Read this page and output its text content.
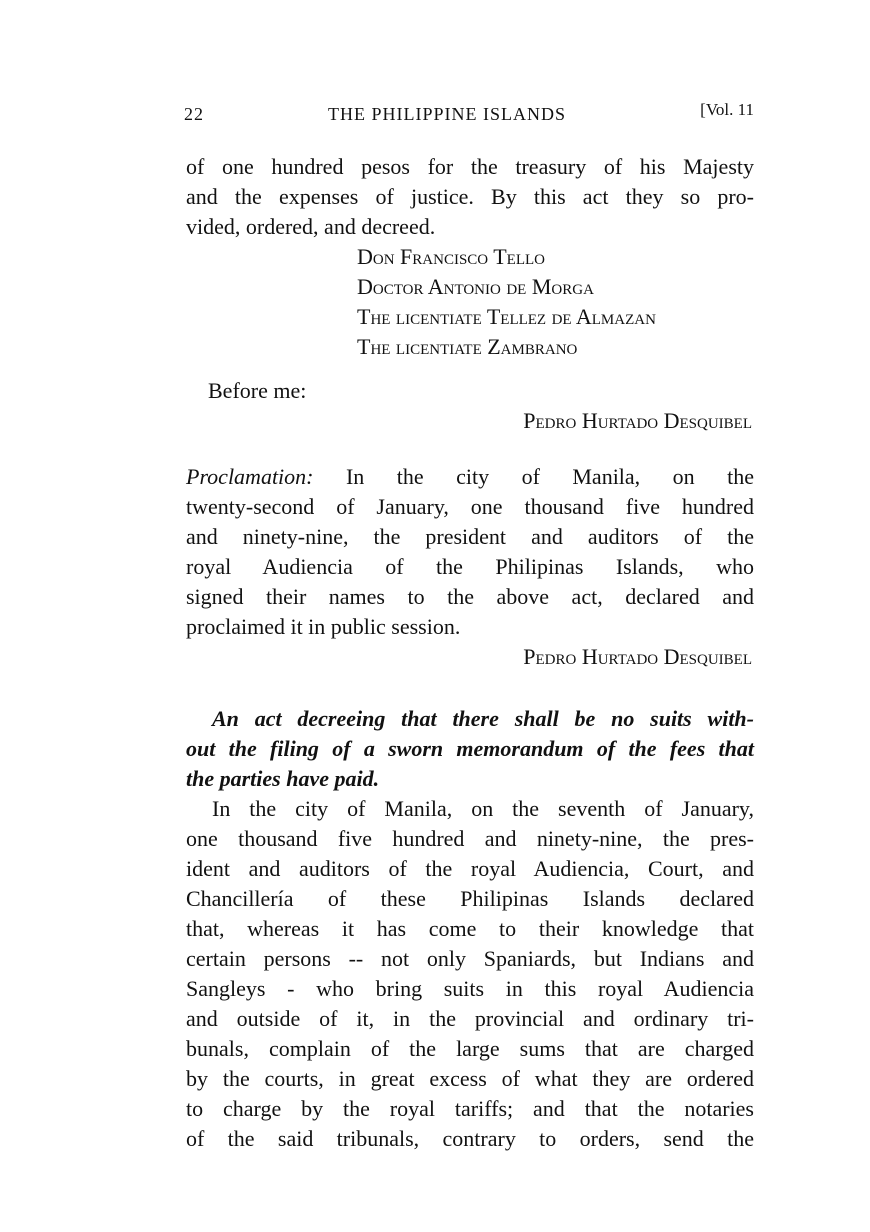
22	THE PHILIPPINE ISLANDS	[Vol. 11
of one hundred pesos for the treasury of his Majesty
and the expenses of justice. By this act they so pro-
vided, ordered, and decreed.
Don Francisco Tello
Doctor Antonio de Morga
The licentiate Tellez de Almazan
The licentiate Zambrano
Before me:
Pedro Hurtado Desquibel
Proclamation: In the city of Manila, on the
twenty-second of January, one thousand five hundred
and ninety-nine, the president and auditors of the
royal Audiencia of the Philipinas Islands, who
signed their names to the above act, declared and
proclaimed it in public session.
Pedro Hurtado Desquibel
An act decreeing that there shall be no suits with-
out the filing of a sworn memorandum of the fees that
the parties have paid.
In the city of Manila, on the seventh of January,
one thousand five hundred and ninety-nine, the pres-
ident and auditors of the royal Audiencia, Court, and
Chancillería of these Philipinas Islands declared
that, whereas it has come to their knowledge that
certain persons -- not only Spaniards, but Indians and
Sangleys - who bring suits in this royal Audiencia
and outside of it, in the provincial and ordinary tri-
bunals, complain of the large sums that are charged
by the courts, in great excess of what they are ordered
to charge by the royal tariffs; and that the notaries
of the said tribunals, contrary to orders, send the
